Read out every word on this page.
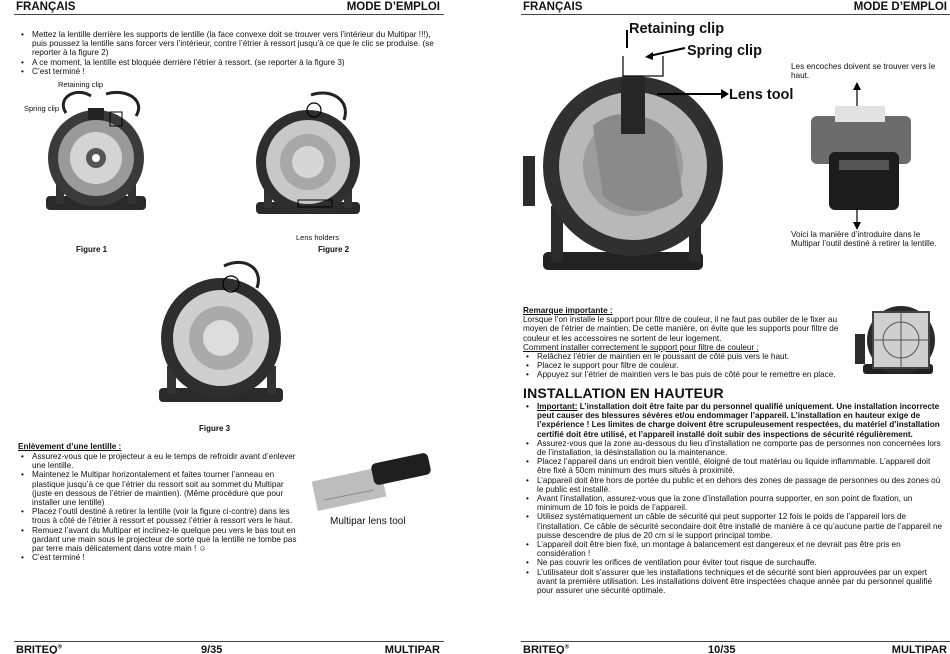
FRANÇAIS	MODE D’EMPLOI
• Mettez la lentille derrière les supports de lentille (la face convexe doit se trouver vers l’intérieur du Multipar !!!), puis poussez la lentille sans forcer vers l’intérieur, contre l’étrier à ressort jusqu’à ce que le clic se produise. (se reporter à la figure 2)
• A ce moment, la lentille est bloquée derrière l’étrier à ressort. (se reporter à la figure 3)
• C’est terminé !
Retaining clip
Spring clip
Figure 1
Lens holders
Figure 2
Figure 3
Enlèvement d’une lentille :
• Assurez-vous que le projecteur a eu le temps de refroidir avant d’enlever une lentille.
• Maintenez le Multipar horizontalement et faites tourner l’anneau en plastique jusqu’à ce que l’étrier du ressort soit au sommet du Multipar (juste en dessous de l’étrier de maintien). (Même procédure que pour installer une lentille)
• Placez l’outil destiné à retirer la lentille (voir la figure ci-contre) dans les trous à côté de l’étrier à ressort et poussez l’étrier à ressort vers le haut.
• Remuez l’avant du Multipar et inclinez-le quelque peu vers le bas tout en gardant une main sous le projecteur de sorte que la lentille ne tombe pas par terre mais délicatement dans votre main ! ☺
• C’est terminé !
Multipar lens tool
BRITEQ®	9/35	MULTIPAR
FRANÇAIS	MODE D’EMPLOI
Retaining clip
Spring clip
Lens tool
Les encoches doivent se trouver vers le haut.
Voici la manière d’introduire dans le Multipar l’outil destiné à retirer la lentille.
Remarque importante :
Lorsque l’on installe le support pour filtre de couleur, il ne faut pas oublier de le fixer au moyen de l’étrier de maintien. De cette manière, on évite que les supports pour filtre de couleur et les accessoires ne sortent de leur logement.
Comment installer correctement le support pour filtre de couleur :
• Relâchez l’étrier de maintien en le poussant de côté puis vers le haut.
• Placez le support pour filtre de couleur.
• Appuyez sur l’étrier de maintien vers le bas puis de côté pour le remettre en place.
INSTALLATION EN HAUTEUR
• Important: L’installation doit être faite par du personnel qualifié uniquement. Une installation incorrecte peut causer des blessures sévères et/ou endommager l’appareil. L’installation en hauteur exige de l’expérience ! Les limites de charge doivent être scrupuleusement respectées, du matériel d’installation certifié doit être utilisé, et l’appareil installé doit subir des inspections de sécurité régulièrement.
• Assurez-vous que la zone au-dessous du lieu d’installation ne comporte pas de personnes non concernées lors de l’installation, la désinstallation ou la maintenance.
• Placez l’appareil dans un endroit bien ventilé, éloigné de tout matériau ou liquide inflammable. L’appareil doit être fixé à 50cm minimum des murs situés à proximité.
• L’appareil doit être hors de portée du public et en dehors des zones de passage de personnes ou des zones où le public est installé.
• Avant l’installation, assurez-vous que la zone d’installation pourra supporter, en son point de fixation, un minimum de 10 fois le poids de l’appareil.
• Utilisez systématiquement un câble de sécurité qui peut supporter 12 fois le poids de l’appareil lors de l’installation. Ce câble de sécurité secondaire doit être installé de manière à ce qu’aucune partie de l’appareil ne puisse descendre de plus de 20 cm si le support principal tombe.
• L’appareil doit être bien fixé, un montage à balancement est dangereux et ne devrait pas être pris en considération !
• Ne pas couvrir les orifices de ventilation pour éviter tout risque de surchauffe.
• L’utilisateur doit s’assurer que les installations techniques et de sécurité sont bien approuvées par un expert avant la première utilisation. Les installations doivent être inspectées chaque année par du personnel qualifié pour assurer une sécurité optimale.
BRITEQ®	10/35	MULTIPAR
